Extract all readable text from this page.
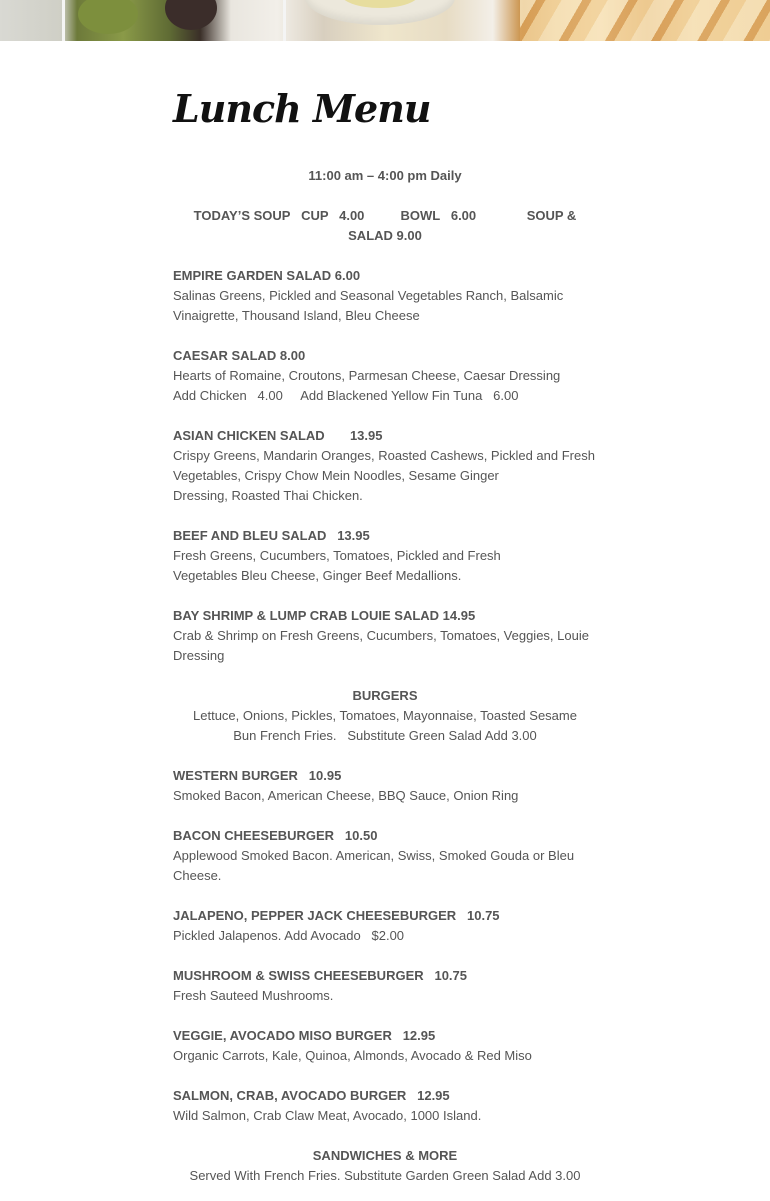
Lunch Menu
11:00 am – 4:00 pm Daily
TODAY’S SOUP   CUP   4.00          BOWL   6.00              SOUP &
SALAD 9.00
EMPIRE GARDEN SALAD 6.00
Salinas Greens, Pickled and Seasonal Vegetables Ranch, Balsamic
Vinaigrette, Thousand Island, Bleu Cheese
CAESAR SALAD 8.00
Hearts of Romaine, Croutons, Parmesan Cheese, Caesar Dressing
Add Chicken   4.00     Add Blackened Yellow Fin Tuna   6.00
ASIAN CHICKEN SALAD       13.95
Crispy Greens, Mandarin Oranges, Roasted Cashews, Pickled and Fresh
Vegetables, Crispy Chow Mein Noodles, Sesame Ginger
Dressing, Roasted Thai Chicken.
BEEF AND BLEU SALAD   13.95
Fresh Greens, Cucumbers, Tomatoes, Pickled and Fresh
Vegetables Bleu Cheese, Ginger Beef Medallions.
BAY SHRIMP & LUMP CRAB LOUIE SALAD 14.95
Crab & Shrimp on Fresh Greens, Cucumbers, Tomatoes, Veggies, Louie
Dressing
BURGERS
Lettuce, Onions, Pickles, Tomatoes, Mayonnaise, Toasted Sesame
Bun French Fries.   Substitute Green Salad Add 3.00
WESTERN BURGER   10.95
Smoked Bacon, American Cheese, BBQ Sauce, Onion Ring
BACON CHEESEBURGER   10.50
Applewood Smoked Bacon. American, Swiss, Smoked Gouda or Bleu
Cheese.
JALAPENO, PEPPER JACK CHEESEBURGER   10.75
Pickled Jalapenos. Add Avocado   $2.00
MUSHROOM & SWISS CHEESEBURGER   10.75
Fresh Sauteed Mushrooms.
VEGGIE, AVOCADO MISO BURGER   12.95
Organic Carrots, Kale, Quinoa, Almonds, Avocado & Red Miso
SALMON, CRAB, AVOCADO BURGER   12.95
Wild Salmon, Crab Claw Meat, Avocado, 1000 Island.
SANDWICHES & MORE
Served With French Fries. Substitute Garden Green Salad Add 3.00
